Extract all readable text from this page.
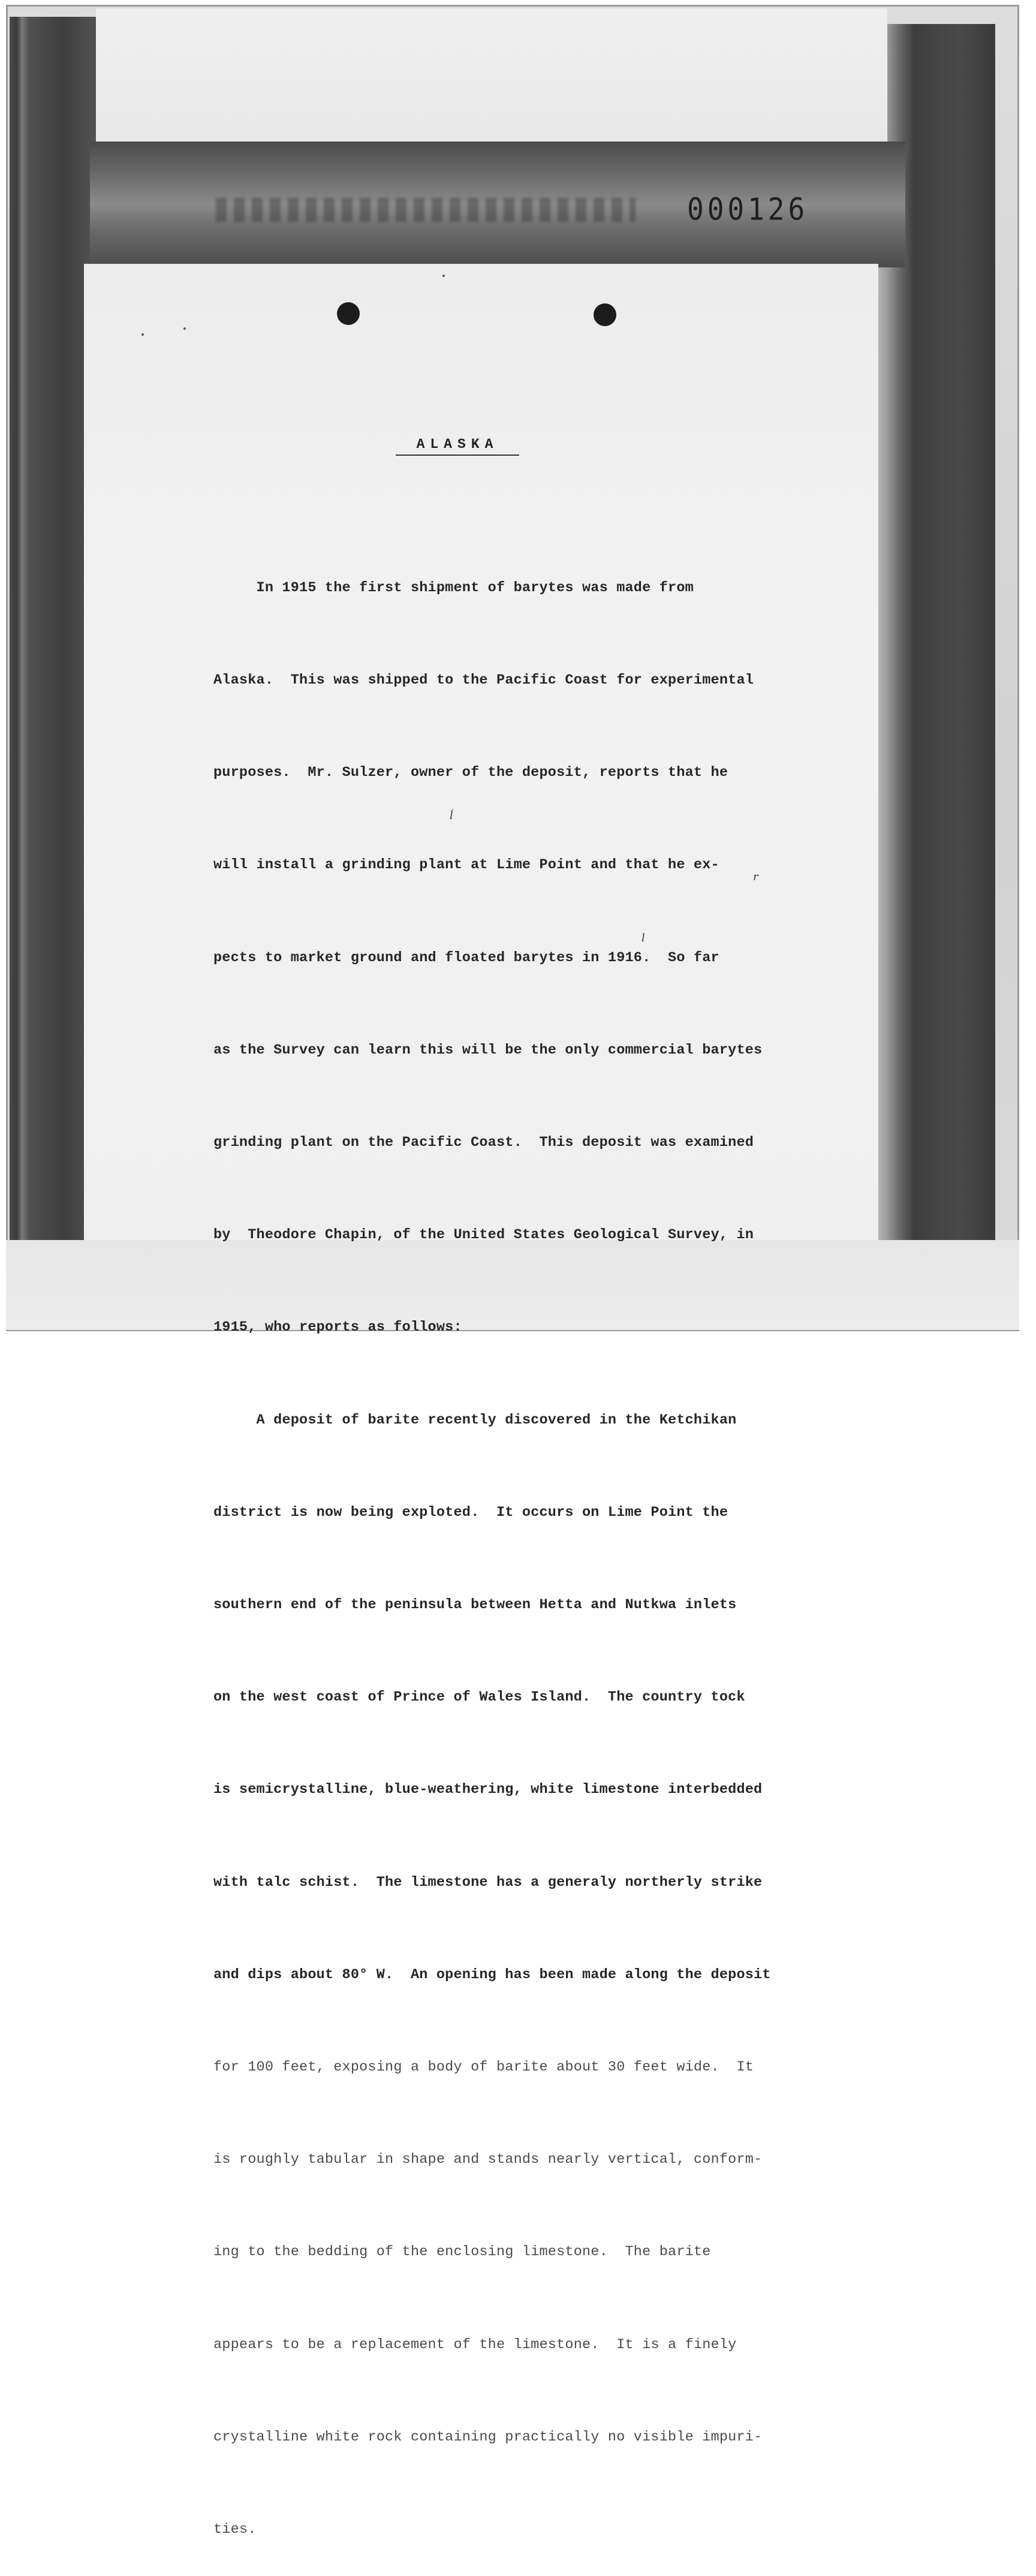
000126
ALASKA

In 1915 the first shipment of barytes was made from

Alaska.  This was shipped to the Pacific Coast for experimental

purposes.  Mr. Sulzer, owner of the deposit, reports that he

will install a grinding plant at Lime Point and that he ex-

pects to market ground and floated barytes in 1916.  So far

as the Survey can learn this will be the only commercial barytes

grinding plant on the Pacific Coast.  This deposit was examined

by  Theodore Chapin, of the United States Geological Survey, in

1915, who reports as follows:

A deposit of barite recently discovered in the Ketchikan

district is now being exploted.  It occurs on Lime Point the

southern end of the peninsula between Hetta and Nutkwa inlets

on the west coast of Prince of Wales Island.  The country tock

is semicrystalline, blue-weathering, white limestone interbedded

with talc schist.  The limestone has a generaly northerly strike

and dips about 80° W.  An opening has been made along the deposit

for 100 feet, exposing a body of barite about 30 feet wide.  It

is roughly tabular in shape and stands nearly vertical, conform-

ing to the bedding of the enclosing limestone.  The barite

appears to be a replacement of the limestone.  It is a finely

crystalline white rock containing practically no visible impuri-

ties.

ĺ
r
l
